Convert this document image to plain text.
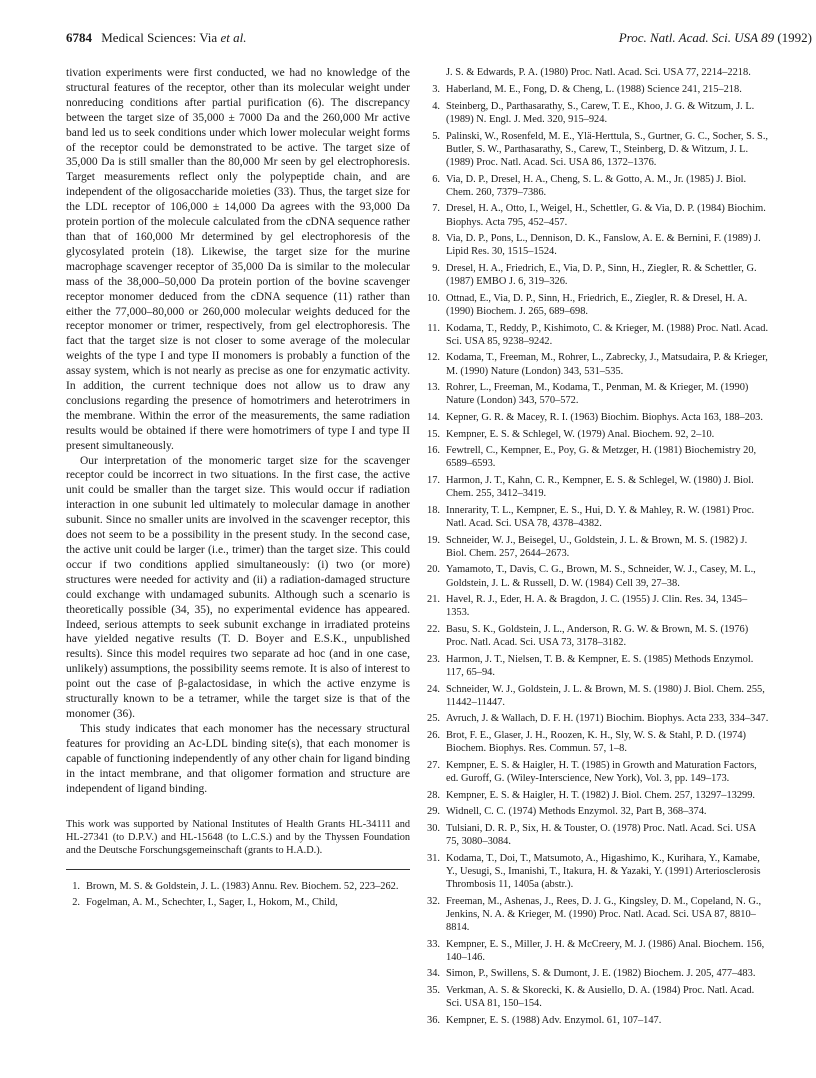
6784 Medical Sciences: Via et al.	Proc. Natl. Acad. Sci. USA 89 (1992)

tivation experiments were first conducted, we had no knowledge of the structural features of the receptor, other than its molecular weight under nonreducing conditions after partial purification (6). The discrepancy between the target size of 35,000 ± 7000 Da and the 260,000 Mr active band led us to seek conditions under which lower molecular weight forms of the receptor could be demonstrated to be active. The target size of 35,000 Da is still smaller than the 80,000 Mr seen by gel electrophoresis. Target measurements reflect only the polypeptide chain, and are independent of the oligosaccharide moieties (33). Thus, the target size for the LDL receptor of 106,000 ± 14,000 Da agrees with the 93,000 Da protein portion of the molecule calculated from the cDNA sequence rather than that of 160,000 Mr determined by gel electrophoresis of the glycosylated protein (18). Likewise, the target size for the murine macrophage scavenger receptor of 35,000 Da is similar to the molecular mass of the 38,000–50,000 Da protein portion of the bovine scavenger receptor monomer deduced from the cDNA sequence (11) rather than either the 77,000–80,000 or 260,000 molecular weights deduced for the receptor monomer or trimer, respectively, from gel electrophoresis. The fact that the target size is not closer to some average of the molecular weights of the type I and type II monomers is probably a function of the assay system, which is not nearly as precise as one for enzymatic activity. In addition, the current technique does not allow us to draw any conclusions regarding the presence of homotrimers and heterotrimers in the membrane. Within the error of the measurements, the same radiation results would be obtained if there were homotrimers of type I and type II present simultaneously.

Our interpretation of the monomeric target size for the scavenger receptor could be incorrect in two situations. In the first case, the active unit could be smaller than the target size. This would occur if radiation interaction in one subunit led ultimately to molecular damage in another subunit. Since no smaller units are involved in the scavenger receptor, this does not seem to be a possibility in the present study. In the second case, the active unit could be larger (i.e., trimer) than the target size. This could occur if two conditions applied simultaneously: (i) two (or more) structures were needed for activity and (ii) a radiation-damaged structure could exchange with undamaged subunits. Although such a scenario is theoretically possible (34, 35), no experimental evidence has appeared. Indeed, serious attempts to seek subunit exchange in irradiated proteins have yielded negative results (T. D. Boyer and E.S.K., unpublished results). Since this model requires two separate ad hoc (and in one case, unlikely) assumptions, the possibility seems remote. It is also of interest to point out the case of β-galactosidase, in which the active enzyme is structurally known to be a tetramer, while the target size is that of the monomer (36).

This study indicates that each monomer has the necessary structural features for providing an Ac-LDL binding site(s), that each monomer is capable of functioning independently of any other chain for ligand binding in the intact membrane, and that oligomer formation and structure are independent of ligand binding.

This work was supported by National Institutes of Health Grants HL-34111 and HL-27341 (to D.P.V.) and HL-15648 (to L.C.S.) and by the Thyssen Foundation and the Deutsche Forschungsgemeinschaft (grants to H.A.D.).

1. Brown, M. S. & Goldstein, J. L. (1983) Annu. Rev. Biochem. 52, 223–262.
2. Fogelman, A. M., Schechter, I., Sager, I., Hokom, M., Child,
J. S. & Edwards, P. A. (1980) Proc. Natl. Acad. Sci. USA 77, 2214–2218.
3. Haberland, M. E., Fong, D. & Cheng, L. (1988) Science 241, 215–218.
4. Steinberg, D., Parthasarathy, S., Carew, T. E., Khoo, J. G. & Witzum, J. L. (1989) N. Engl. J. Med. 320, 915–924.
5. Palinski, W., Rosenfeld, M. E., Ylä-Herttula, S., Gurtner, G. C., Socher, S. S., Butler, S. W., Parthasarathy, S., Carew, T., Steinberg, D. & Witzum, J. L. (1989) Proc. Natl. Acad. Sci. USA 86, 1372–1376.
6. Via, D. P., Dresel, H. A., Cheng, S. L. & Gotto, A. M., Jr. (1985) J. Biol. Chem. 260, 7379–7386.
7. Dresel, H. A., Otto, I., Weigel, H., Schettler, G. & Via, D. P. (1984) Biochim. Biophys. Acta 795, 452–457.
8. Via, D. P., Pons, L., Dennison, D. K., Fanslow, A. E. & Bernini, F. (1989) J. Lipid Res. 30, 1515–1524.
9. Dresel, H. A., Friedrich, E., Via, D. P., Sinn, H., Ziegler, R. & Schettler, G. (1987) EMBO J. 6, 319–326.
10. Ottnad, E., Via, D. P., Sinn, H., Friedrich, E., Ziegler, R. & Dresel, H. A. (1990) Biochem. J. 265, 689–698.
11. Kodama, T., Reddy, P., Kishimoto, C. & Krieger, M. (1988) Proc. Natl. Acad. Sci. USA 85, 9238–9242.
12. Kodama, T., Freeman, M., Rohrer, L., Zabrecky, J., Matsudaira, P. & Krieger, M. (1990) Nature (London) 343, 531–535.
13. Rohrer, L., Freeman, M., Kodama, T., Penman, M. & Krieger, M. (1990) Nature (London) 343, 570–572.
14. Kepner, G. R. & Macey, R. I. (1963) Biochim. Biophys. Acta 163, 188–203.
15. Kempner, E. S. & Schlegel, W. (1979) Anal. Biochem. 92, 2–10.
16. Fewtrell, C., Kempner, E., Poy, G. & Metzger, H. (1981) Biochemistry 20, 6589–6593.
17. Harmon, J. T., Kahn, C. R., Kempner, E. S. & Schlegel, W. (1980) J. Biol. Chem. 255, 3412–3419.
18. Innerarity, T. L., Kempner, E. S., Hui, D. Y. & Mahley, R. W. (1981) Proc. Natl. Acad. Sci. USA 78, 4378–4382.
19. Schneider, W. J., Beisegel, U., Goldstein, J. L. & Brown, M. S. (1982) J. Biol. Chem. 257, 2644–2673.
20. Yamamoto, T., Davis, C. G., Brown, M. S., Schneider, W. J., Casey, M. L., Goldstein, J. L. & Russell, D. W. (1984) Cell 39, 27–38.
21. Havel, R. J., Eder, H. A. & Bragdon, J. C. (1955) J. Clin. Res. 34, 1345–1353.
22. Basu, S. K., Goldstein, J. L., Anderson, R. G. W. & Brown, M. S. (1976) Proc. Natl. Acad. Sci. USA 73, 3178–3182.
23. Harmon, J. T., Nielsen, T. B. & Kempner, E. S. (1985) Methods Enzymol. 117, 65–94.
24. Schneider, W. J., Goldstein, J. L. & Brown, M. S. (1980) J. Biol. Chem. 255, 11442–11447.
25. Avruch, J. & Wallach, D. F. H. (1971) Biochim. Biophys. Acta 233, 334–347.
26. Brot, F. E., Glaser, J. H., Roozen, K. H., Sly, W. S. & Stahl, P. D. (1974) Biochem. Biophys. Res. Commun. 57, 1–8.
27. Kempner, E. S. & Haigler, H. T. (1985) in Growth and Maturation Factors, ed. Guroff, G. (Wiley-Interscience, New York), Vol. 3, pp. 149–173.
28. Kempner, E. S. & Haigler, H. T. (1982) J. Biol. Chem. 257, 13297–13299.
29. Widnell, C. C. (1974) Methods Enzymol. 32, Part B, 368–374.
30. Tulsiani, D. R. P., Six, H. & Touster, O. (1978) Proc. Natl. Acad. Sci. USA 75, 3080–3084.
31. Kodama, T., Doi, T., Matsumoto, A., Higashimo, K., Kurihara, Y., Kamabe, Y., Uesugi, S., Imanishi, T., Itakura, H. & Yazaki, Y. (1991) Arteriosclerosis Thrombosis 11, 1405a (abstr.).
32. Freeman, M., Ashenas, J., Rees, D. J. G., Kingsley, D. M., Copeland, N. G., Jenkins, N. A. & Krieger, M. (1990) Proc. Natl. Acad. Sci. USA 87, 8810–8814.
33. Kempner, E. S., Miller, J. H. & McCreery, M. J. (1986) Anal. Biochem. 156, 140–146.
34. Simon, P., Swillens, S. & Dumont, J. E. (1982) Biochem. J. 205, 477–483.
35. Verkman, A. S. & Skorecki, K. & Ausiello, D. A. (1984) Proc. Natl. Acad. Sci. USA 81, 150–154.
36. Kempner, E. S. (1988) Adv. Enzymol. 61, 107–147.
